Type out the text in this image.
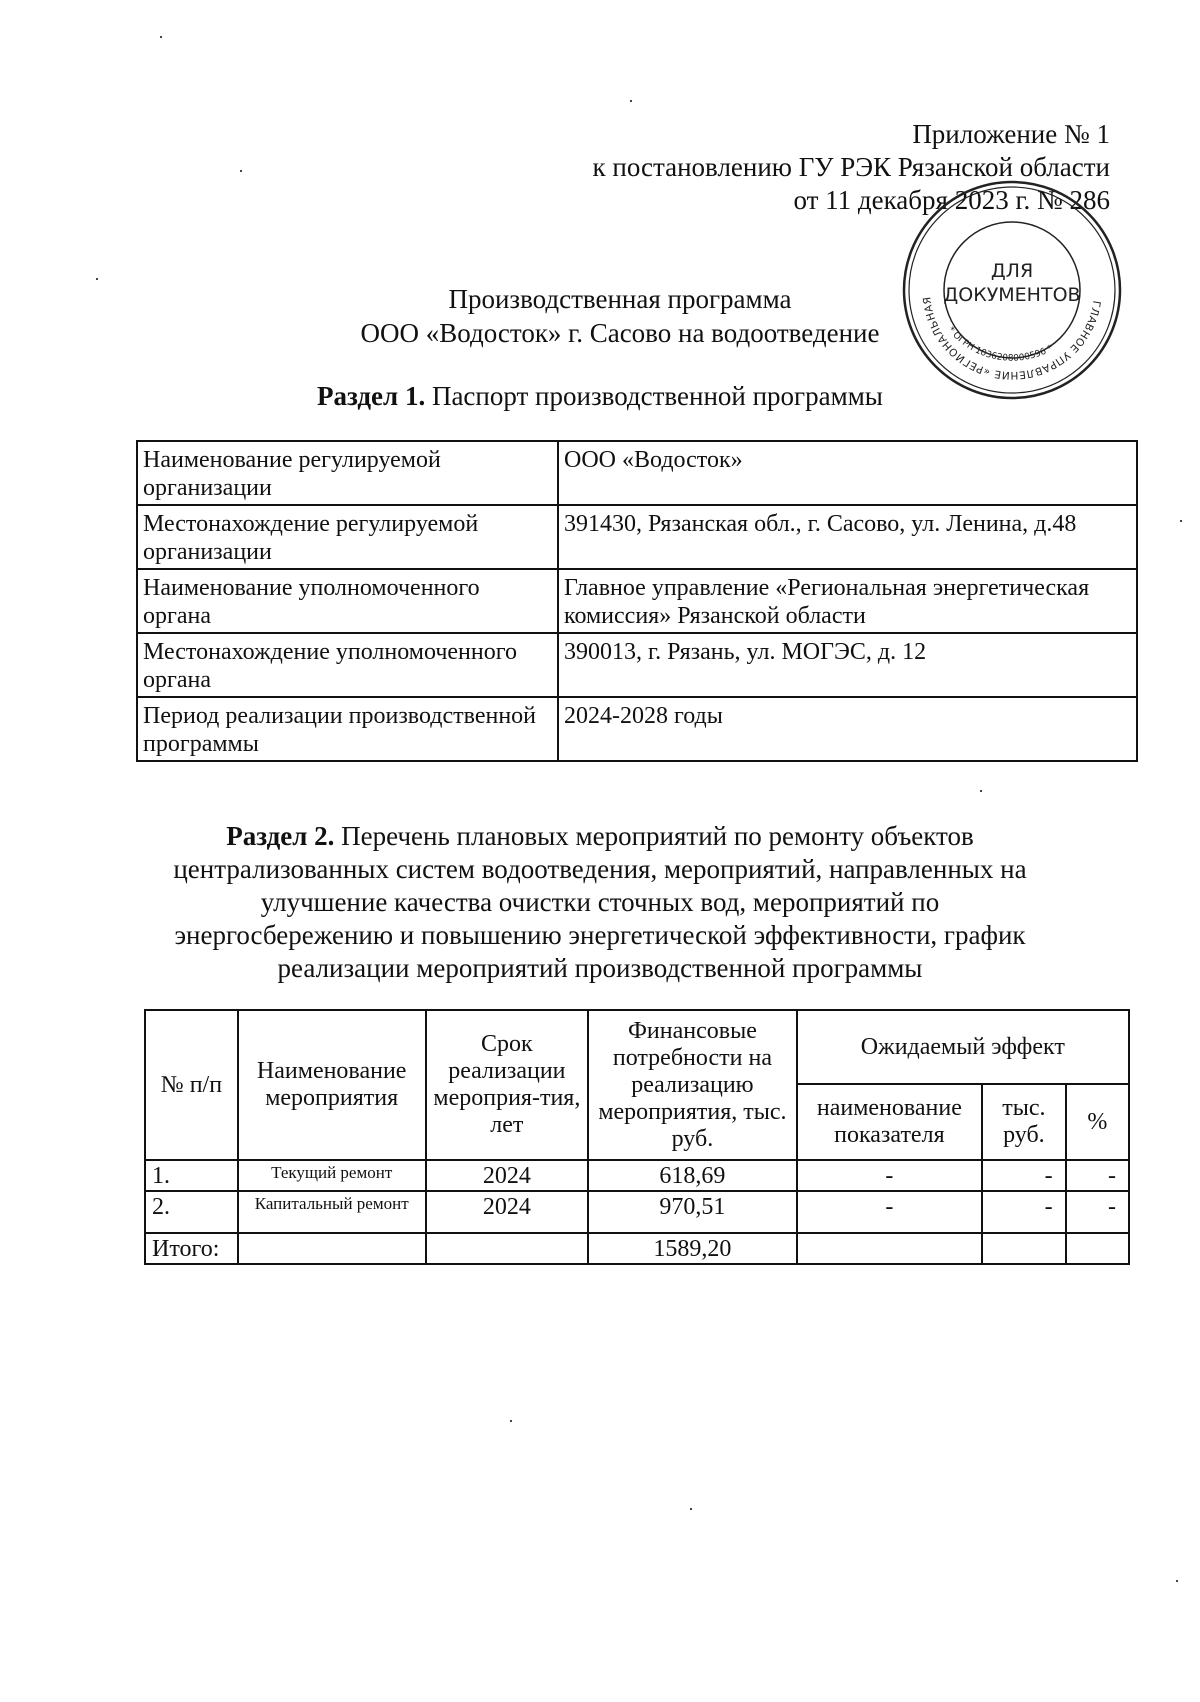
Приложение № 1
к постановлению ГУ РЭК Рязанской области
от 11 декабря 2023 г. № 286
Производственная программа
ООО «Водосток» г. Сасово на водоотведение
Раздел 1. Паспорт производственной программы
Наименование регулируемой организации	ООО «Водосток»
Местонахождение регулируемой организации	391430, Рязанская обл., г. Сасово, ул. Ленина, д.48
Наименование уполномоченного органа	Главное управление «Региональная энергетическая комиссия» Рязанской области
Местонахождение уполномоченного органа	390013, г. Рязань, ул. МОГЭС, д. 12
Период реализации производственной программы	2024-2028 годы
Раздел 2. Перечень плановых мероприятий по ремонту объектов централизованных систем водоотведения, мероприятий, направленных на улучшение качества очистки сточных вод, мероприятий по энергосбережению и повышению энергетической эффективности, график реализации мероприятий производственной программы
№ п/п	Наименование мероприятия	Срок реализации мероприя-тия, лет	Финансовые потребности на реализацию мероприятия, тыс. руб.	Ожидаемый эффект		
				наименование показателя	тыс. руб.	%
1.	Текущий ремонт	2024	618,69	-	-	-
2.	Капитальный ремонт	2024	970,51	-	-	-
Итого:			1589,20			
ГЛАВНОЕ УПРАВЛЕНИЕ «РЕГИОНАЛЬНАЯ
* ОГРН 1036208000596 *
ДЛЯ
ДОКУМЕНТОВ
